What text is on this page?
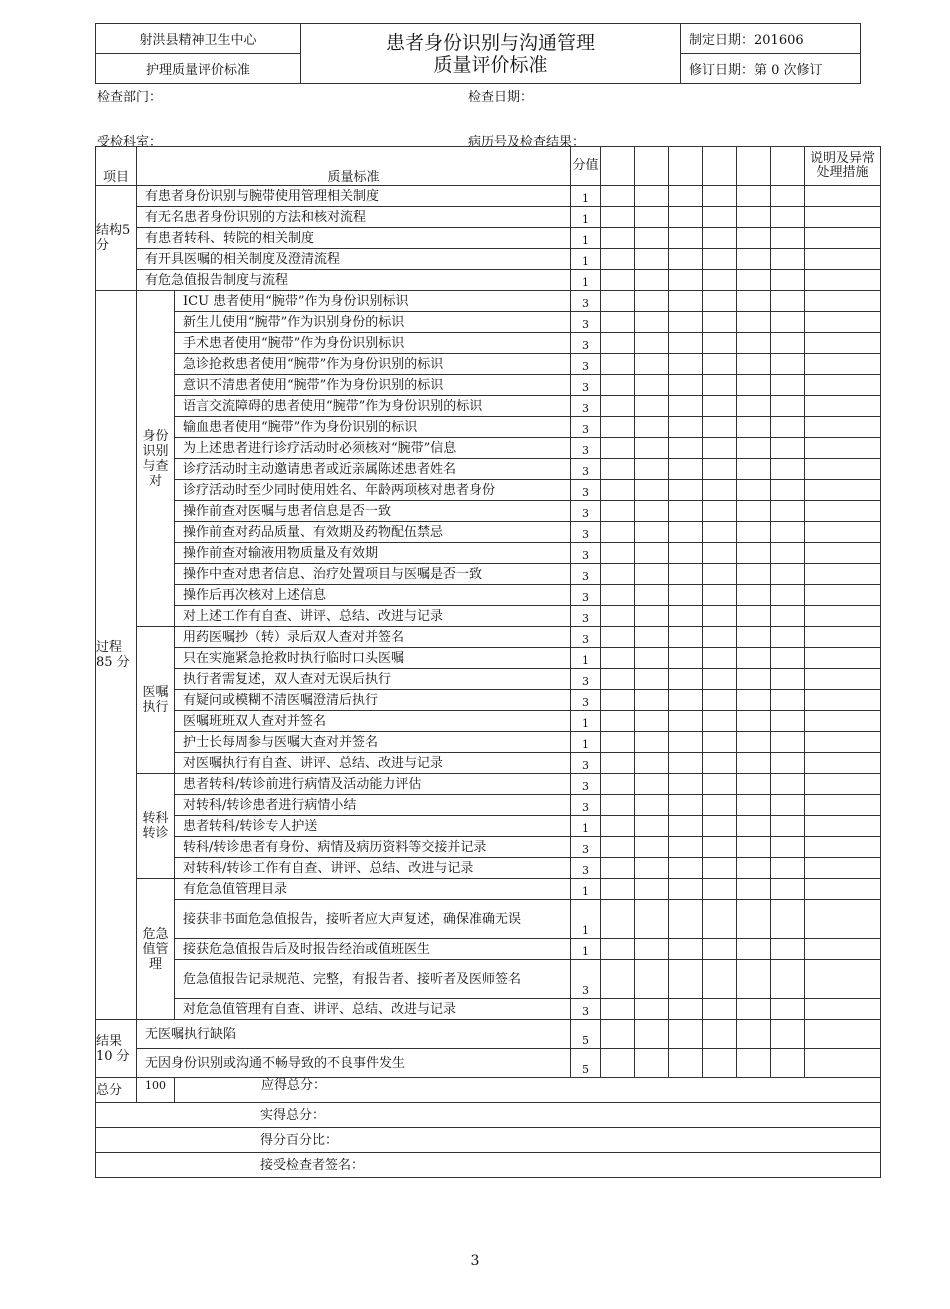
射洪县精神卫生中心	患者身份识别与沟通管理
质量评价标准	制定日期：201606
护理质量评价标准		修订日期：第 0 次修订
检查部门：	检查日期：
受检科室：	病历号及检查结果：
项目	质量标准		分值							说明及异常处理措施
结构5 分	有患者身份识别与腕带使用管理相关制度		1							
	有无名患者身份识别的方法和核对流程		1							
	有患者转科、转院的相关制度		1							
	有开具医嘱的相关制度及澄清流程		1							
	有危急值报告制度与流程		1							
过程85 分	身份识别与查对	ICU 患者使用“腕带”作为身份识别标识	3							
		新生儿使用“腕带”作为识别身份的标识	3							
		手术患者使用“腕带”作为身份识别标识	3							
		急诊抢救患者使用“腕带”作为身份识别的标识	3							
		意识不清患者使用“腕带”作为身份识别的标识	3							
		语言交流障碍的患者使用“腕带”作为身份识别的标识	3							
		输血患者使用“腕带”作为身份识别的标识	3							
		为上述患者进行诊疗活动时必须核对“腕带”信息	3							
		诊疗活动时主动邀请患者或近亲属陈述患者姓名	3							
		诊疗活动时至少同时使用姓名、年龄两项核对患者身份	3							
		操作前查对医嘱与患者信息是否一致	3							
		操作前查对药品质量、有效期及药物配伍禁忌	3							
		操作前查对输液用物质量及有效期	3							
		操作中查对患者信息、治疗处置项目与医嘱是否一致	3							
		操作后再次核对上述信息	3							
		对上述工作有自查、讲评、总结、改进与记录	3							
	医嘱执行	用药医嘱抄（转）录后双人查对并签名	3							
		只在实施紧急抢救时执行临时口头医嘱	1							
		执行者需复述，双人查对无误后执行	3							
		有疑问或模糊不清医嘱澄清后执行	3							
		医嘱班班双人查对并签名	1							
		护士长每周参与医嘱大查对并签名	1							
		对医嘱执行有自查、讲评、总结、改进与记录	3							
	转科转诊	患者转科/转诊前进行病情及活动能力评估	3							
		对转科/转诊患者进行病情小结	3							
		患者转科/转诊专人护送	1							
		转科/转诊患者有身份、病情及病历资料等交接并记录	3							
		对转科/转诊工作有自查、讲评、总结、改进与记录	3							
	危急值管理	有危急值管理目录	1							
		接获非书面危急值报告，接听者应大声复述，确保准确无误	1							
		接获危急值报告后及时报告经治或值班医生	1							
		危急值报告记录规范、完整，有报告者、接听者及医师签名	3							
		对危急值管理有自查、讲评、总结、改进与记录	3							
结果10 分	无医嘱执行缺陷		5							
	无因身份识别或沟通不畅导致的不良事件发生		5							
总分	100	应得总分：								
实得总分：										
得分百分比：										
接受检查者签名：										
3
